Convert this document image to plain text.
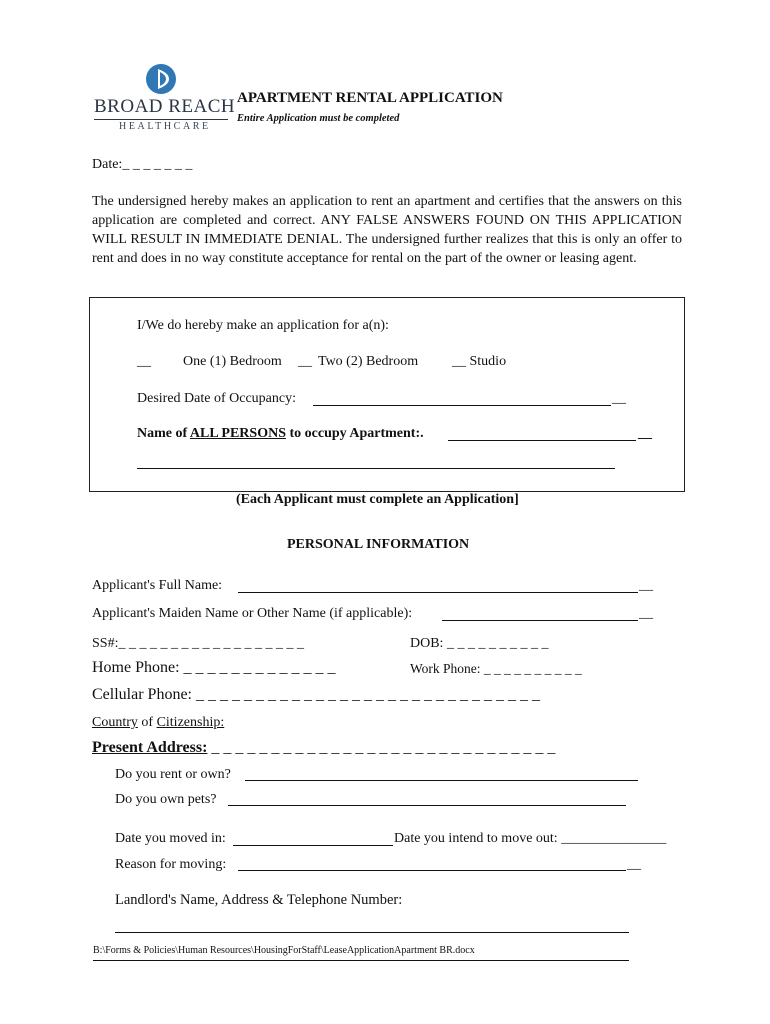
BROAD REACH
HEALTHCARE
APARTMENT RENTAL APPLICATION
Entire Application must be completed
Date:_ _ _ _ _ _ _
The undersigned hereby makes an application to rent an apartment and certifies that the answers on this application are completed and correct. ANY FALSE ANSWERS FOUND ON THIS APPLICATION WILL RESULT IN IMMEDIATE DENIAL. The undersigned further realizes that this is only an offer to rent and does in no way constitute acceptance for rental on the part of the owner or leasing agent.
I/We do hereby make an application for a(n):
__ One (1) Bedroom __ Two (2) Bedroom __ Studio
Desired Date of Occupancy:	__
Name of ALL PERSONS to occupy Apartment:.	__
(Each Applicant must complete an Application]
PERSONAL INFORMATION
Applicant's Full Name:	__
Applicant's Maiden Name or Other Name (if applicable):	__
SS#:_ _ _ _ _ _ _ _ _ _ _ _ _ _ _ _ _ _	DOB: _ _ _ _ _ _ _ _ _ _
Home Phone: _ _ _ _ _ _ _ _ _ _ _ _ _	Work Phone: _ _ _ _ _ _ _ _ _ _
Cellular Phone: _ _ _ _ _ _ _ _ _ _ _ _ _ _ _ _ _ _ _ _ _ _ _ _ _ _ _ _ _
Country of Citizenship:
Present Address: _ _ _ _ _ _ _ _ _ _ _ _ _ _ _ _ _ _ _ _ _ _ _ _ _ _ _ _ _
Do you rent or own?
Do you own pets?
Date you moved in:	Date you intend to move out: _______________
Reason for moving:	__
Landlord's Name, Address & Telephone Number:
B:\Forms & Policies\Human Resources\HousingForStaff\LeaseApplicationApartment BR.docx
